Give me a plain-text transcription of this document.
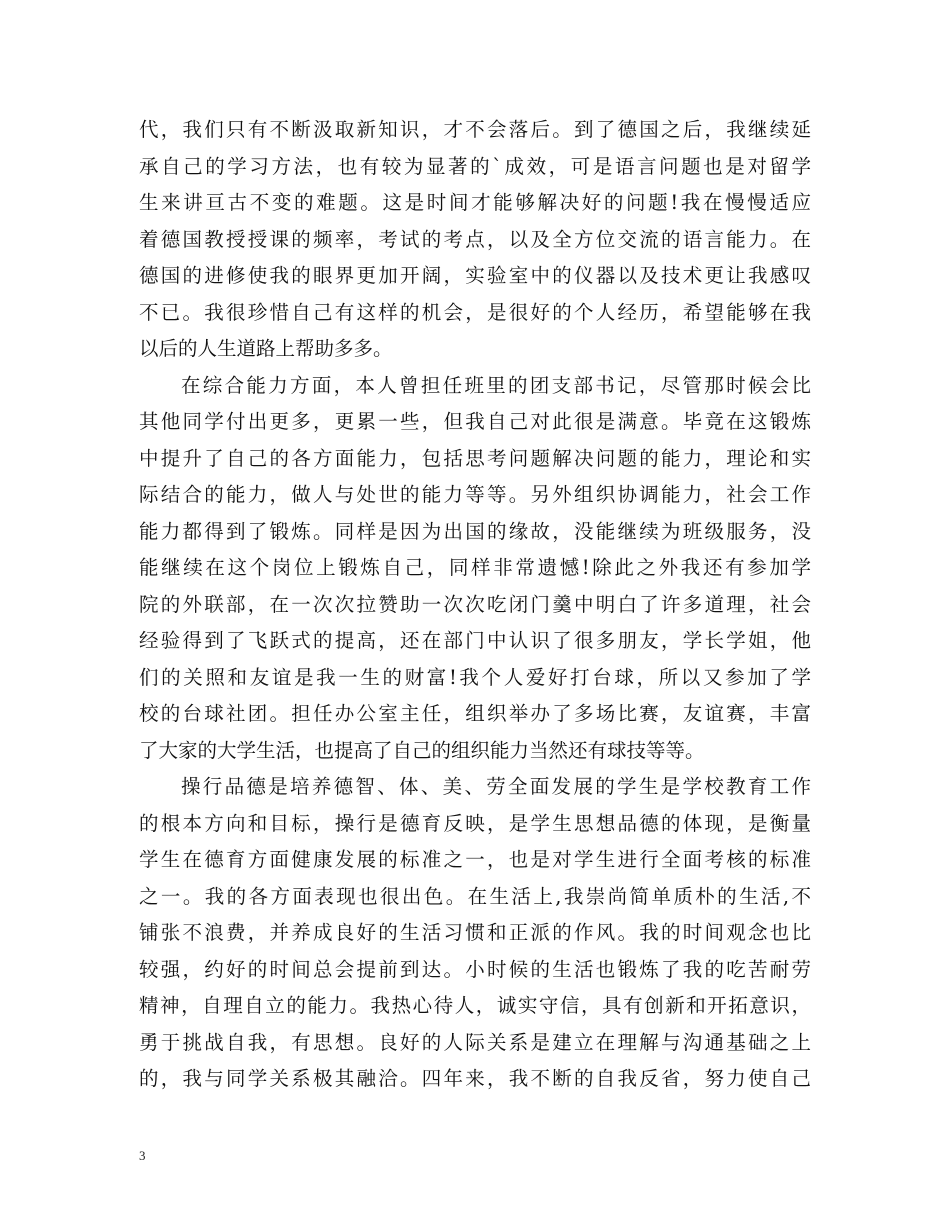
代，我们只有不断汲取新知识，才不会落后。到了德国之后，我继续延
承自己的学习方法，也有较为显著的`成效，可是语言问题也是对留学
生来讲亘古不变的难题。这是时间才能够解决好的问题!我在慢慢适应
着德国教授授课的频率，考试的考点，以及全方位交流的语言能力。在
德国的进修使我的眼界更加开阔，实验室中的仪器以及技术更让我感叹
不已。我很珍惜自己有这样的机会，是很好的个人经历，希望能够在我
以后的人生道路上帮助多多。
在综合能力方面，本人曾担任班里的团支部书记，尽管那时候会比
其他同学付出更多，更累一些，但我自己对此很是满意。毕竟在这锻炼
中提升了自己的各方面能力，包括思考问题解决问题的能力，理论和实
际结合的能力，做人与处世的能力等等。另外组织协调能力，社会工作
能力都得到了锻炼。同样是因为出国的缘故，没能继续为班级服务，没
能继续在这个岗位上锻炼自己，同样非常遗憾!除此之外我还有参加学
院的外联部，在一次次拉赞助一次次吃闭门羹中明白了许多道理，社会
经验得到了飞跃式的提高，还在部门中认识了很多朋友，学长学姐，他
们的关照和友谊是我一生的财富!我个人爱好打台球，所以又参加了学
校的台球社团。担任办公室主任，组织举办了多场比赛，友谊赛，丰富
了大家的大学生活，也提高了自己的组织能力当然还有球技等等。
操行品德是培养德智、体、美、劳全面发展的学生是学校教育工作
的根本方向和目标，操行是德育反映，是学生思想品德的体现，是衡量
学生在德育方面健康发展的标准之一，也是对学生进行全面考核的标准
之一。我的各方面表现也很出色。在生活上,我崇尚简单质朴的生活,不
铺张不浪费，并养成良好的生活习惯和正派的作风。我的时间观念也比
较强，约好的时间总会提前到达。小时候的生活也锻炼了我的吃苦耐劳
精神，自理自立的能力。我热心待人，诚实守信，具有创新和开拓意识，
勇于挑战自我，有思想。良好的人际关系是建立在理解与沟通基础之上
的，我与同学关系极其融洽。四年来，我不断的自我反省，努力使自己
3
